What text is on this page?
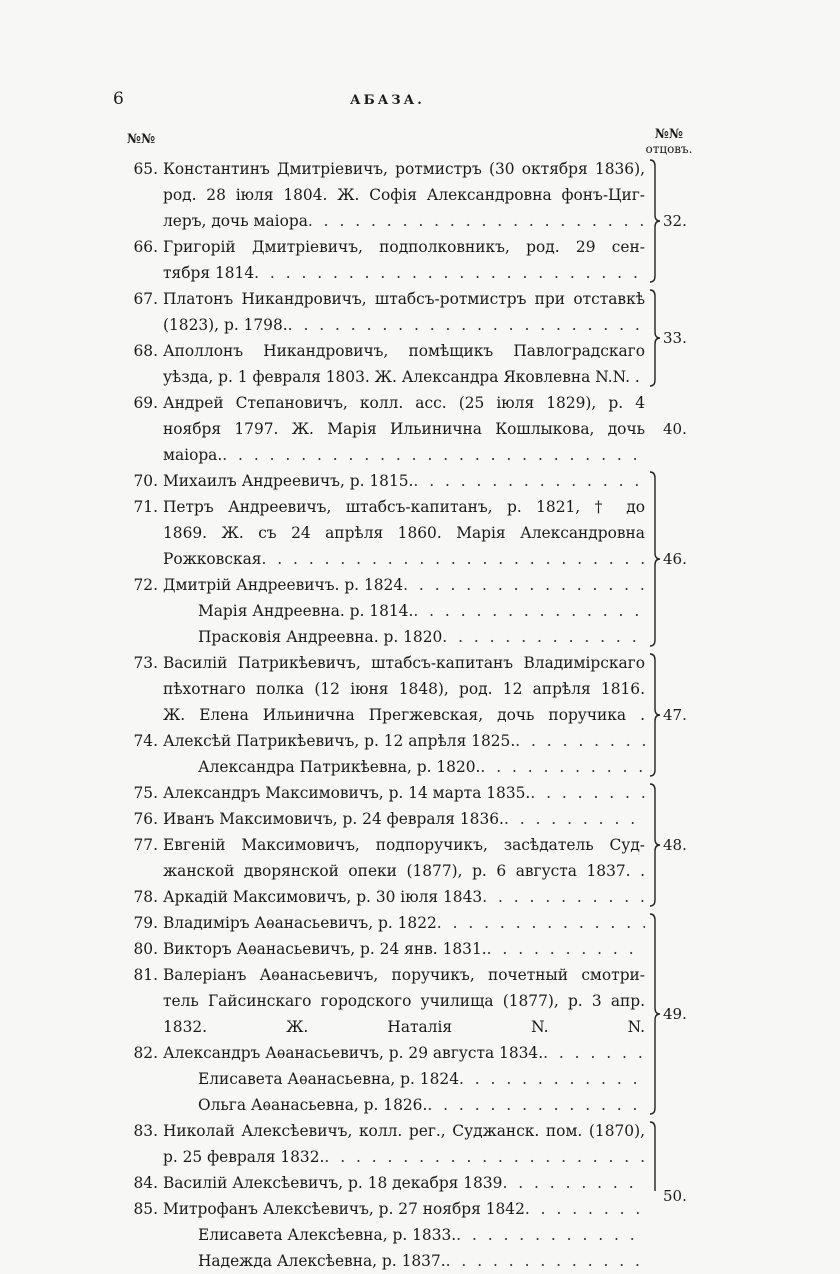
6	АБАЗА.
№№	№№
отцовъ.
65. Константинъ Дмитріевичъ, ротмистръ (30 октября 1836),
род. 28 іюля 1804. Ж. Софія Александровна фонъ-Циг-
леръ, дочь маіора
. . .
66. Григорій Дмитріевичъ, подполковникъ, род. 29 сен-
тября 1814
. . .
67. Платонъ Никандровичъ, штабсъ-ротмистръ при отставкѣ
(1823), р. 1798.
. . .
68. Аполлонъ Никандровичъ, помѣщикъ Павлоградскаго
уѣзда, р. 1 февраля 1803. Ж. Александра Яковлевна N.N. .
69. Андрей Степановичъ, колл. асс. (25 іюля 1829), р. 4
ноября 1797. Ж. Марія Ильинична Кошлыкова, дочь
маіора.
. . .
70. Михаилъ Андреевичъ, р. 1815.
. . .
71. Петръ Андреевичъ, штабсъ-капитанъ, р. 1821, † до
1869. Ж. съ 24 апрѣля 1860. Марія Александровна
Рожковская
. . .
72. Дмитрій Андреевичъ. р. 1824
. . .
Марія Андреевна. р. 1814.
. . .
Прасковія Андреевна. р. 1820
. . .
73. Василій Патрикѣевичъ, штабсъ-капитанъ Владимірскаго
пѣхотнаго полка (12 іюня 1848), род. 12 апрѣля 1816.
Ж. Елена Ильинична Прегжевская, дочь поручика .
74. Алексѣй Патрикѣевичъ, р. 12 апрѣля 1825.
. . .
Александра Патрикѣевна, р. 1820.
. . .
75. Александръ Максимовичъ, р. 14 марта 1835.
. . .
76. Иванъ Максимовичъ, р. 24 февраля 1836.
. . .
77. Евгеній Максимовичъ, подпоручикъ, засѣдатель Суд-
жанской дворянской опеки (1877), р. 6 августа 1837. .
78. Аркадій Максимовичъ, р. 30 іюля 1843
. . .
79. Владиміръ Аѳанасьевичъ, р. 1822
. . .
80. Викторъ Аѳанасьевичъ, р. 24 янв. 1831.
. . .
81. Валеріанъ Аѳанасьевичъ, поручикъ, почетный смотри-
тель Гайсинскаго городского училища (1877), р. 3 апр.
1832. Ж. Наталія N. N.
82. Александръ Аѳанасьевичъ, р. 29 августа 1834.
. . .
Елисавета Аѳанасьевна, р. 1824
. . .
Ольга Аѳанасьевна, р. 1826.
. . .
83. Николай Алексѣевичъ, колл. рег., Суджанск. пом. (1870),
р. 25 февраля 1832.
. . .
84. Василій Алексѣевичъ, р. 18 декабря 1839
. . .
85. Митрофанъ Алексѣевичъ, р. 27 ноября 1842
. . .
Елисавета Алексѣевна, р. 1833.
. . .
Надежда Алексѣевна, р. 1837.
. . .
32.
33.
40.
46.
47.
48.
49.
50.
